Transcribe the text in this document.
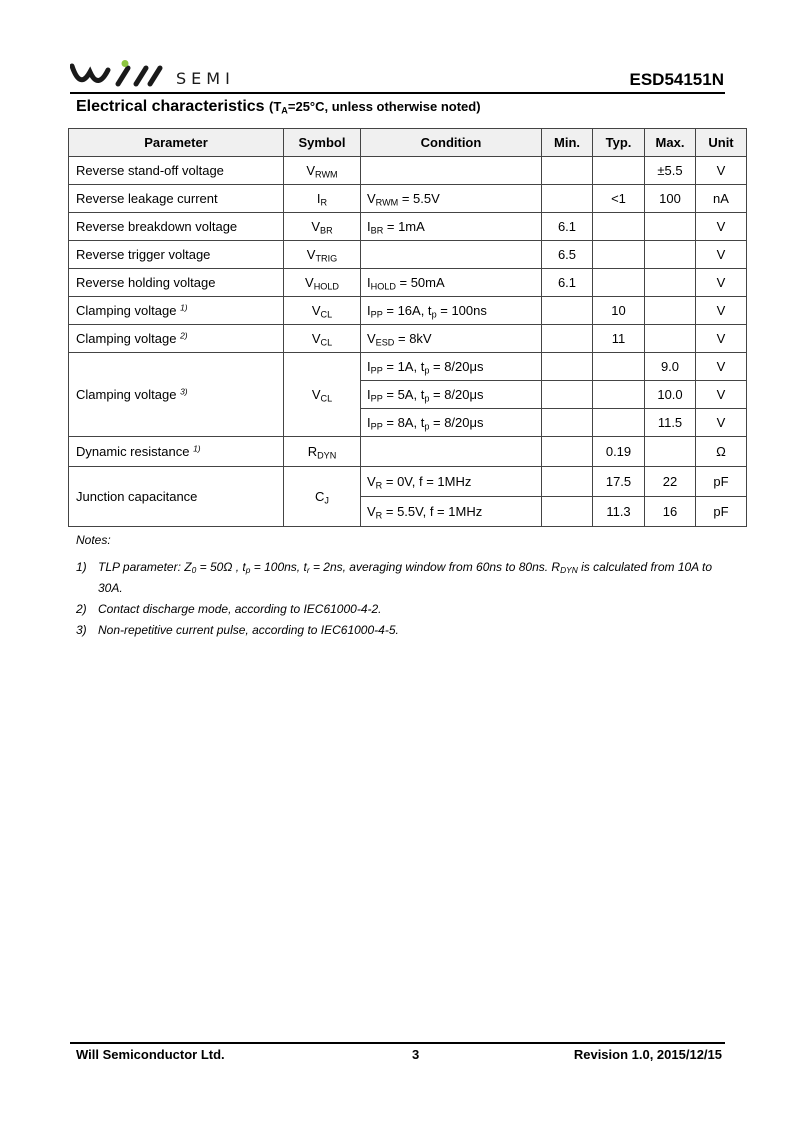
SEMI	ESD54151N
Electrical characteristics ($T_A=25^\circ C$, unless otherwise noted)
Parameter	Symbol	Condition	Min.	Typ.	Max.	Unit
Reverse stand-off voltage	$V_{RWM}$				±5.5	V
Reverse leakage current	$I_R$	$V_{RWM} = 5.5V$		<1	100	nA
Reverse breakdown voltage	$V_{BR}$	$I_{BR} = 1mA$	6.1			V
Reverse trigger voltage	$V_{TRIG}$		6.5			V
Reverse holding voltage	$V_{HOLD}$	$I_{HOLD} = 50mA$	6.1			V
Clamping voltage $^{1)}$	$V_{CL}$	$I_{PP} = 16A$, $t_p = 100ns$		10		V
Clamping voltage $^{2)}$	$V_{CL}$	$V_{ESD} = 8kV$		11		V
Clamping voltage $^{3)}$	$V_{CL}$	$I_{PP} = 1A$, $t_p = 8/20\mu s$			9.0	V
		$I_{PP} = 5A$, $t_p = 8/20\mu s$			10.0	V
		$I_{PP} = 8A$, $t_p = 8/20\mu s$			11.5	V
Dynamic resistance $^{1)}$	$R_{DYN}$			0.19		Ω
Junction capacitance	$C_J$	$V_R = 0V$, f = 1MHz		17.5	22	pF
		$V_R = 5.5V$, f = 1MHz		11.3	16	pF
Notes:
1) TLP parameter: $Z_0 = 50\Omega$ , $t_p = 100ns$, $t_r = 2ns$, averaging window from 60ns to 80ns. $R_{DYN}$ is calculated from 10A to 30A.
2) Contact discharge mode, according to IEC61000-4-2.
3) Non-repetitive current pulse, according to IEC61000-4-5.
Will Semiconductor Ltd.	3	Revision 1.0, 2015/12/15
